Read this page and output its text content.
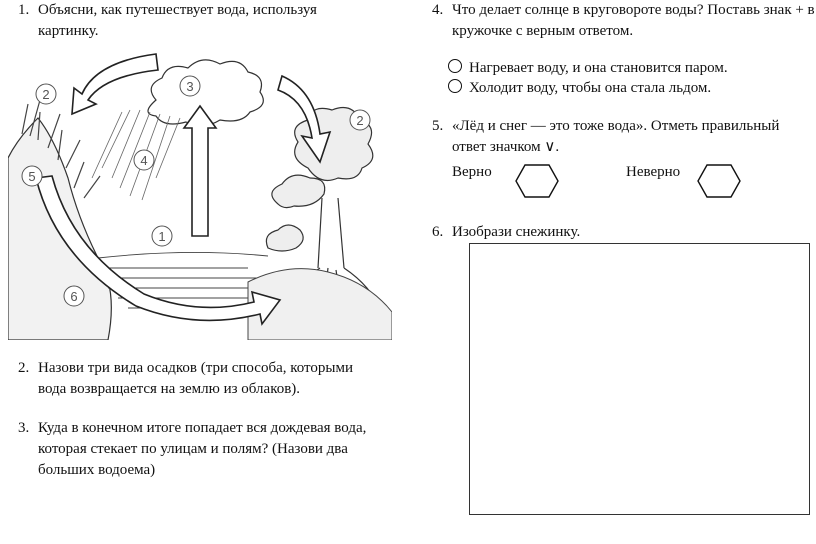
1. Объясни, как путешествует вода, используя картинку.
1
2
2
3
4
5
6
2. Назови три вида осадков (три способа, которыми вода возвращается на землю из облаков).
3. Куда в конечном итоге попадает вся дождевая вода, которая стекает по улицам и полям? (Назови два больших водоема)
4. Что делает солнце в круговороте воды? Поставь знак + в кружочке с верным ответом.
Нагревает воду, и она становится паром.
Холодит воду, чтобы она стала льдом.
5. «Лёд и снег — это тоже вода». Отметь правильный ответ значком ∨.
Верно	Неверно
6. Изобрази снежинку.
